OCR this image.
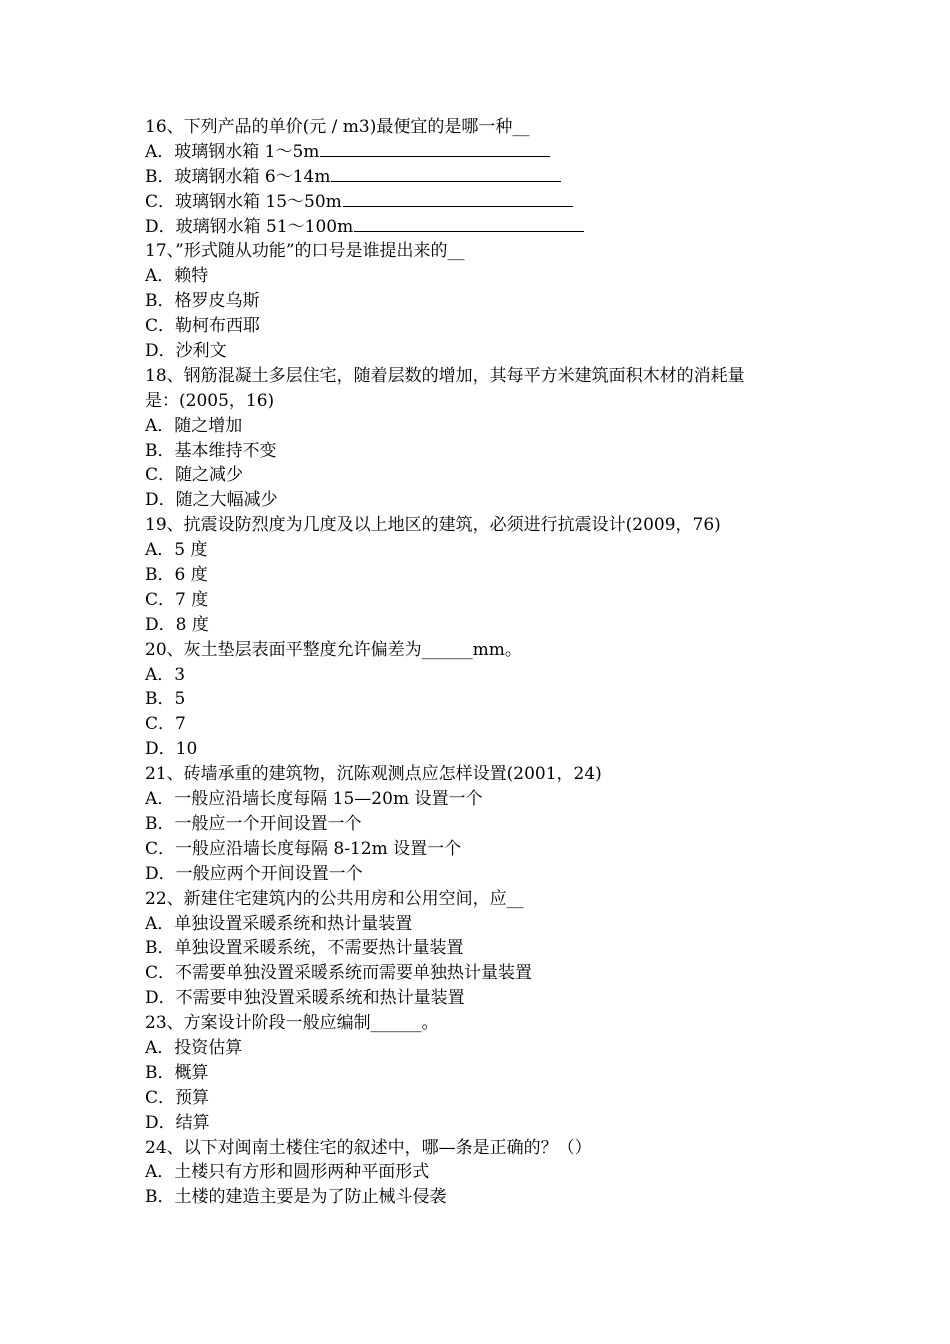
16、下列产品的单价(元 / m3)最便宜的是哪一种__
A．玻璃钢水箱 1～5m
B．玻璃钢水箱 6～14m
C．玻璃钢水箱 15～50m
D．玻璃钢水箱 51～100m
17、”形式随从功能”的口号是谁提出来的__
A．赖特
B．格罗皮乌斯
C．勒柯布西耶
D．沙利文
18、钢筋混凝土多层住宅，随着层数的增加，其每平方米建筑面积木材的消耗量
是：(2005，16)
A．随之增加
B．基本维持不变
C．随之减少
D．随之大幅减少
19、抗震设防烈度为几度及以上地区的建筑，必须进行抗震设计(2009，76)
A．5 度
B．6 度
C．7 度
D．8 度
20、灰土垫层表面平整度允许偏差为______mm。
A．3
B．5
C．7
D．10
21、砖墙承重的建筑物，沉陈观测点应怎样设置(2001，24)
A．一般应沿墙长度每隔 15—20m 设置一个
B．一般应一个开间设置一个
C．一般应沿墙长度每隔 8-12m 设置一个
D．一般应两个开间设置一个
22、新建住宅建筑内的公共用房和公用空间，应__
A．单独设置采暖系统和热计量装置
B．单独设置采暖系统，不需要热计量装置
C．不需要单独没置采暖系统而需要单独热计量装置
D．不需要申独没置采暖系统和热计量装置
23、方案设计阶段一般应编制______。
A．投资估算
B．概算
C．预算
D．结算
24、以下对闽南土楼住宅的叙述中，哪—条是正确的？（）
A．土楼只有方形和圆形两种平面形式
B．土楼的建造主要是为了防止械斗侵袭
